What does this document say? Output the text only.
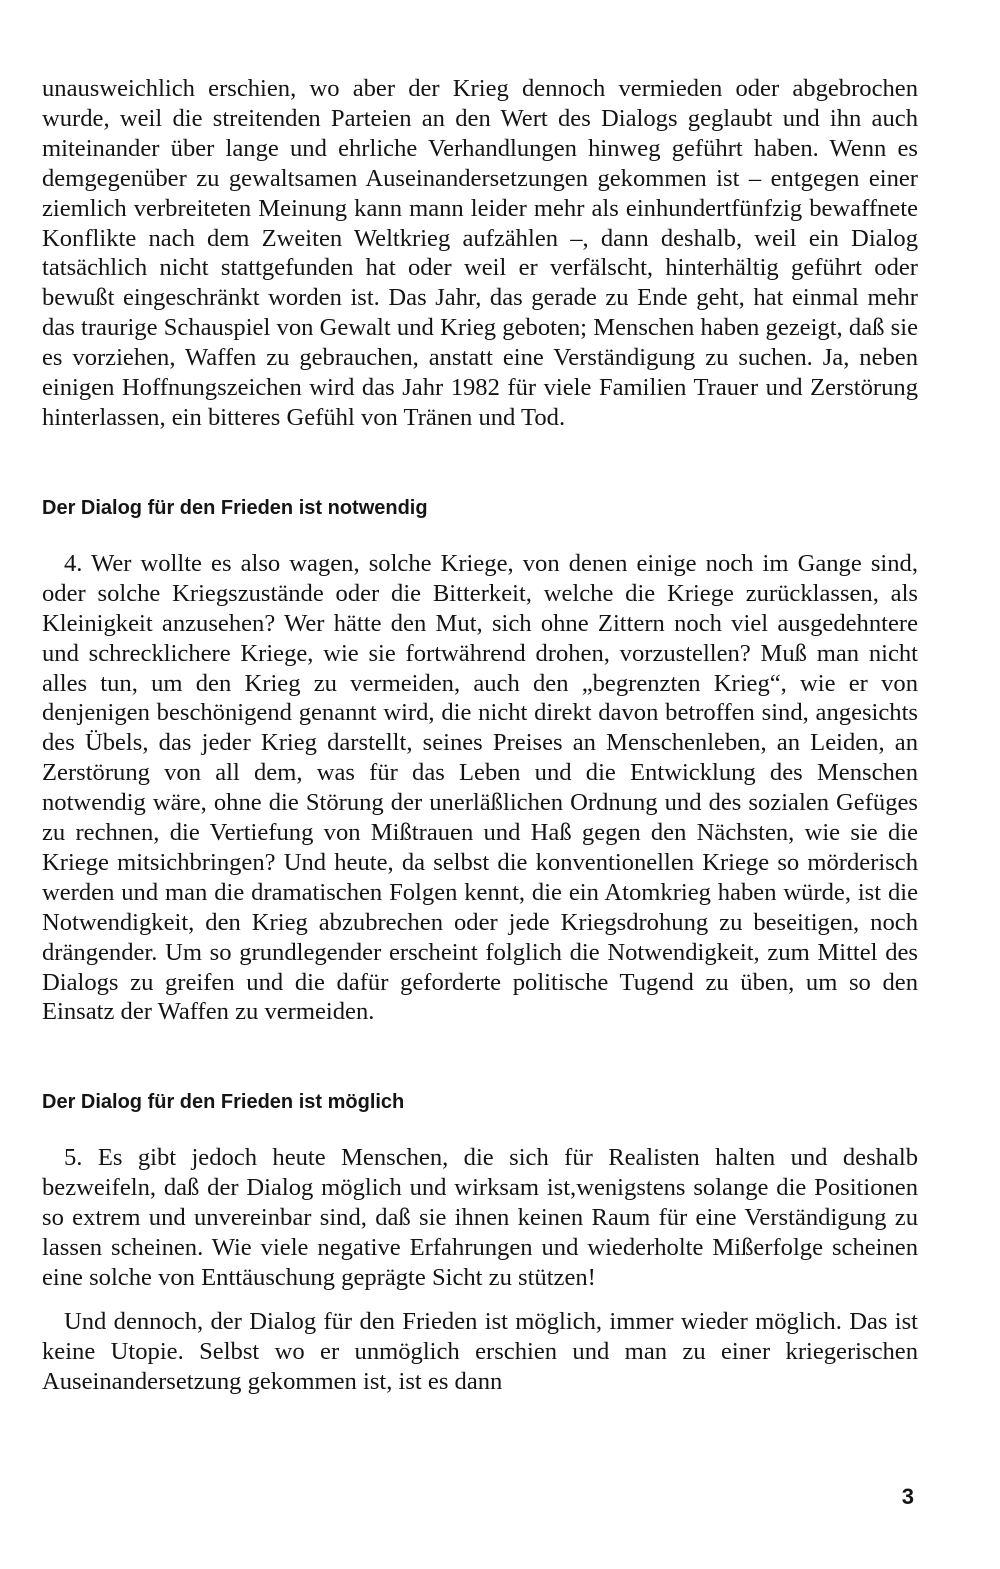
unausweichlich erschien, wo aber der Krieg dennoch vermieden oder abgebrochen wurde, weil die streitenden Parteien an den Wert des Dialogs geglaubt und ihn auch miteinander über lange und ehrliche Verhandlungen hinweg geführt haben. Wenn es demgegenüber zu gewaltsamen Auseinandersetzungen gekommen ist – entgegen einer ziemlich verbreiteten Meinung kann mann leider mehr als einhundertfünfzig bewaffnete Konflikte nach dem Zweiten Weltkrieg aufzählen –, dann deshalb, weil ein Dialog tatsächlich nicht stattgefunden hat oder weil er verfälscht, hinterhältig geführt oder bewußt eingeschränkt worden ist. Das Jahr, das gerade zu Ende geht, hat einmal mehr das traurige Schauspiel von Gewalt und Krieg geboten; Menschen haben gezeigt, daß sie es vorziehen, Waffen zu gebrauchen, anstatt eine Verständigung zu suchen. Ja, neben einigen Hoffnungszeichen wird das Jahr 1982 für viele Familien Trauer und Zerstörung hinterlassen, ein bitteres Gefühl von Tränen und Tod.

Der Dialog für den Frieden ist notwendig

4. Wer wollte es also wagen, solche Kriege, von denen einige noch im Gange sind, oder solche Kriegszustände oder die Bitterkeit, welche die Kriege zurücklassen, als Kleinigkeit anzusehen? Wer hätte den Mut, sich ohne Zittern noch viel ausgedehntere und schrecklichere Kriege, wie sie fortwährend drohen, vorzustellen? Muß man nicht alles tun, um den Krieg zu vermeiden, auch den „begrenzten Krieg“, wie er von denjenigen beschönigend genannt wird, die nicht direkt davon betroffen sind, angesichts des Übels, das jeder Krieg darstellt, seines Preises an Menschenleben, an Leiden, an Zerstörung von all dem, was für das Leben und die Entwicklung des Menschen notwendig wäre, ohne die Störung der unerläßlichen Ordnung und des sozialen Gefüges zu rechnen, die Vertiefung von Mißtrauen und Haß gegen den Nächsten, wie sie die Kriege mitsichbringen? Und heute, da selbst die konventionellen Kriege so mörderisch werden und man die dramatischen Folgen kennt, die ein Atomkrieg haben würde, ist die Notwendigkeit, den Krieg abzubrechen oder jede Kriegsdrohung zu beseitigen, noch drängender. Um so grundlegender erscheint folglich die Notwendigkeit, zum Mittel des Dialogs zu greifen und die dafür geforderte politische Tugend zu üben, um so den Einsatz der Waffen zu vermeiden.

Der Dialog für den Frieden ist möglich

5. Es gibt jedoch heute Menschen, die sich für Realisten halten und deshalb bezweifeln, daß der Dialog möglich und wirksam ist,wenigstens solange die Positionen so extrem und unvereinbar sind, daß sie ihnen keinen Raum für eine Verständigung zu lassen scheinen. Wie viele negative Erfahrungen und wiederholte Mißerfolge scheinen eine solche von Enttäuschung geprägte Sicht zu stützen!

Und dennoch, der Dialog für den Frieden ist möglich, immer wieder möglich. Das ist keine Utopie. Selbst wo er unmöglich erschien und man zu einer kriegerischen Auseinandersetzung gekommen ist, ist es dann

3
